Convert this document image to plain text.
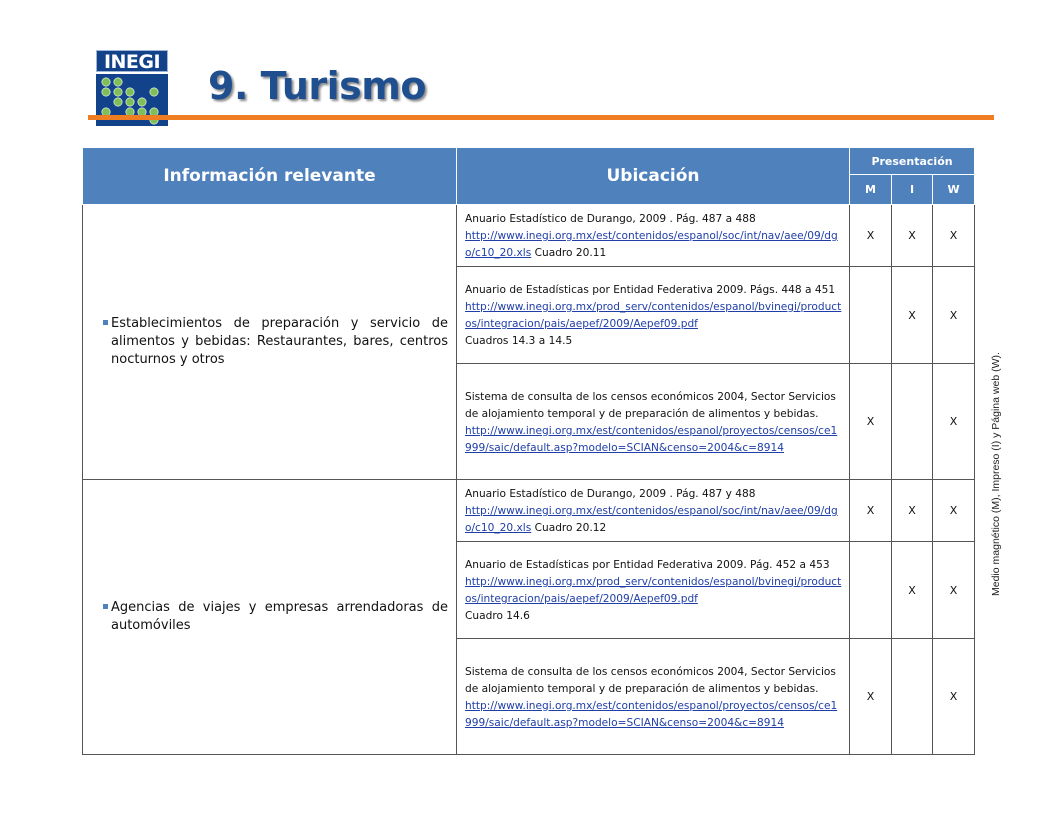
INEGI
9. Turismo
Medio magnético (M), Impreso (I) y Página web (W).
Información relevante	Ubicación	Presentación		
		M	I	W

Establecimientos de preparación y servicio de alimentos y bebidas: Restaurantes, bares, centros nocturnos y otros	Anuario Estadístico de Durango, 2009 . Pág. 487 a 488
http://www.inegi.org.mx/est/contenidos/espanol/soc/int/nav/aee/09/dgo/c10_20.xls Cuadro 20.11	X	X	X
	Anuario de Estadísticas por Entidad Federativa 2009. Págs. 448 a 451
http://www.inegi.org.mx/prod_serv/contenidos/espanol/bvinegi/productos/integracion/pais/aepef/2009/Aepef09.pdf
Cuadros 14.3 a 14.5		X	X
	Sistema de consulta de los censos económicos 2004, Sector Servicios de alojamiento temporal y de preparación de alimentos y bebidas.
http://www.inegi.org.mx/est/contenidos/espanol/proyectos/censos/ce1999/saic/default.asp?modelo=SCIAN&censo=2004&c=8914	X		X

Agencias de viajes y empresas arrendadoras de automóviles	Anuario Estadístico de Durango, 2009 . Pág. 487 y 488
http://www.inegi.org.mx/est/contenidos/espanol/soc/int/nav/aee/09/dgo/c10_20.xls Cuadro 20.12	X	X	X
	Anuario de Estadísticas por Entidad Federativa 2009. Pág. 452 a 453
http://www.inegi.org.mx/prod_serv/contenidos/espanol/bvinegi/productos/integracion/pais/aepef/2009/Aepef09.pdf
Cuadro 14.6		X	X
	Sistema de consulta de los censos económicos 2004, Sector Servicios de alojamiento temporal y de preparación de alimentos y bebidas.
http://www.inegi.org.mx/est/contenidos/espanol/proyectos/censos/ce1999/saic/default.asp?modelo=SCIAN&censo=2004&c=8914	X		X
